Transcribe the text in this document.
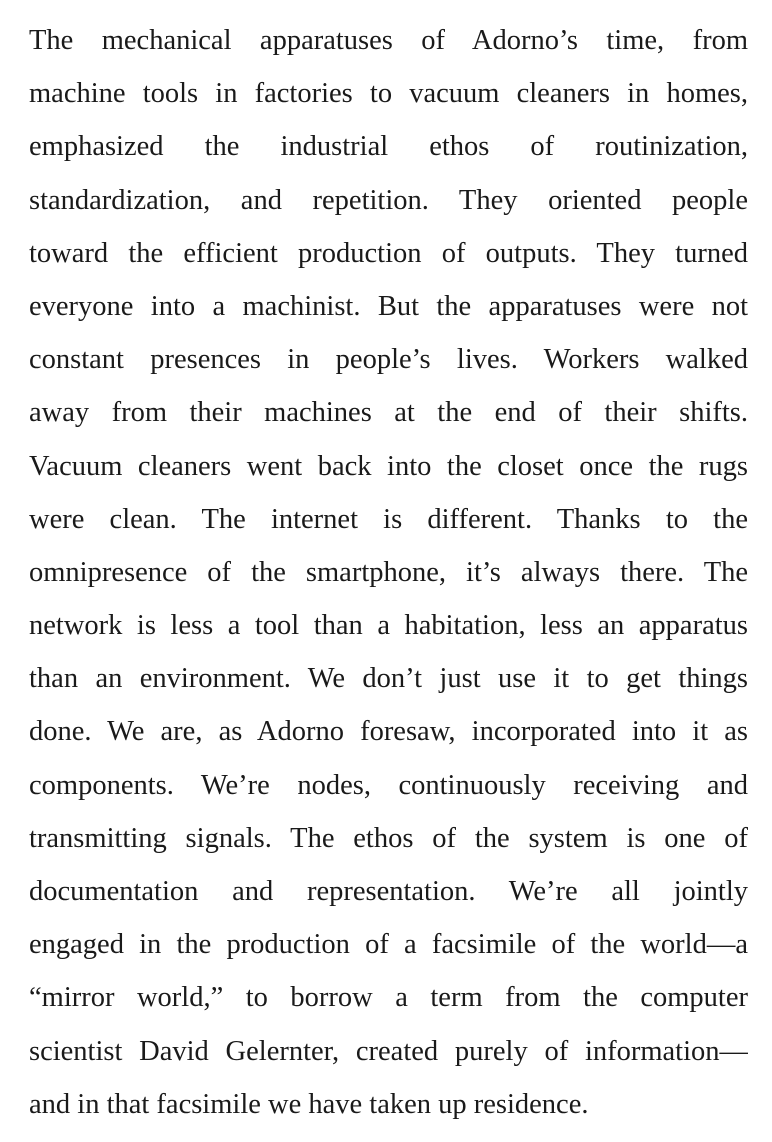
The mechanical apparatuses of Adorno’s time, from
machine tools in factories to vacuum cleaners in homes,
emphasized the industrial ethos of routinization,
standardization, and repetition. They oriented people
toward the efficient production of outputs. They turned
everyone into a machinist. But the apparatuses were not
constant presences in people’s lives. Workers walked
away from their machines at the end of their shifts.
Vacuum cleaners went back into the closet once the rugs
were clean. The internet is different. Thanks to the
omnipresence of the smartphone, it’s always there. The
network is less a tool than a habitation, less an apparatus
than an environment. We don’t just use it to get things
done. We are, as Adorno foresaw, incorporated into it as
components. We’re nodes, continuously receiving and
transmitting signals. The ethos of the system is one of
documentation and representation. We’re all jointly
engaged in the production of a facsimile of the world—a
“mirror world,” to borrow a term from the computer
scientist David Gelernter, created purely of information—
and in that facsimile we have taken up residence.
